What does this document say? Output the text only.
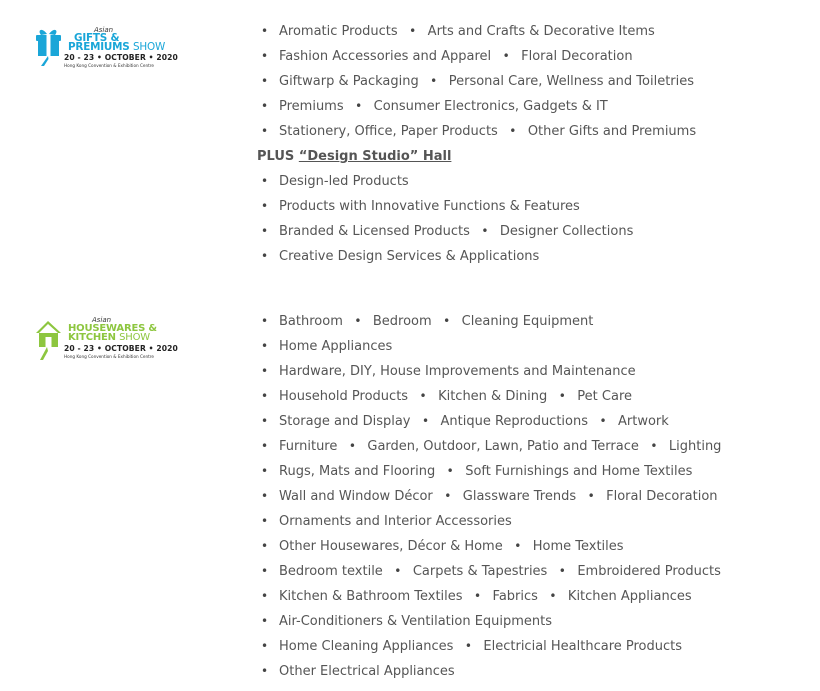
Asian
GIFTS &
PREMIUMS SHOW
20 - 23 • OCTOBER • 2020
Hong Kong Convention & Exhibition Centre
• Aromatic Products • Arts and Crafts & Decorative Items
• Fashion Accessories and Apparel • Floral Decoration
• Giftwarp & Packaging • Personal Care, Wellness and Toiletries
• Premiums • Consumer Electronics, Gadgets & IT
• Stationery, Office, Paper Products • Other Gifts and Premiums
PLUS “Design Studio” Hall
• Design-led Products
• Products with Innovative Functions & Features
• Branded & Licensed Products • Designer Collections
• Creative Design Services & Applications
Asian
HOUSEWARES &
KITCHEN SHOW
20 - 23 • OCTOBER • 2020
Hong Kong Convention & Exhibition Centre
• Bathroom • Bedroom • Cleaning Equipment
• Home Appliances
• Hardware, DIY, House Improvements and Maintenance
• Household Products • Kitchen & Dining • Pet Care
• Storage and Display • Antique Reproductions • Artwork
• Furniture • Garden, Outdoor, Lawn, Patio and Terrace • Lighting
• Rugs, Mats and Flooring • Soft Furnishings and Home Textiles
• Wall and Window Décor • Glassware Trends • Floral Decoration
• Ornaments and Interior Accessories
• Other Housewares, Décor & Home • Home Textiles
• Bedroom textile • Carpets & Tapestries • Embroidered Products
• Kitchen & Bathroom Textiles • Fabrics • Kitchen Appliances
• Air-Conditioners & Ventilation Equipments
• Home Cleaning Appliances • Electricial Healthcare Products
• Other Electrical Appliances
